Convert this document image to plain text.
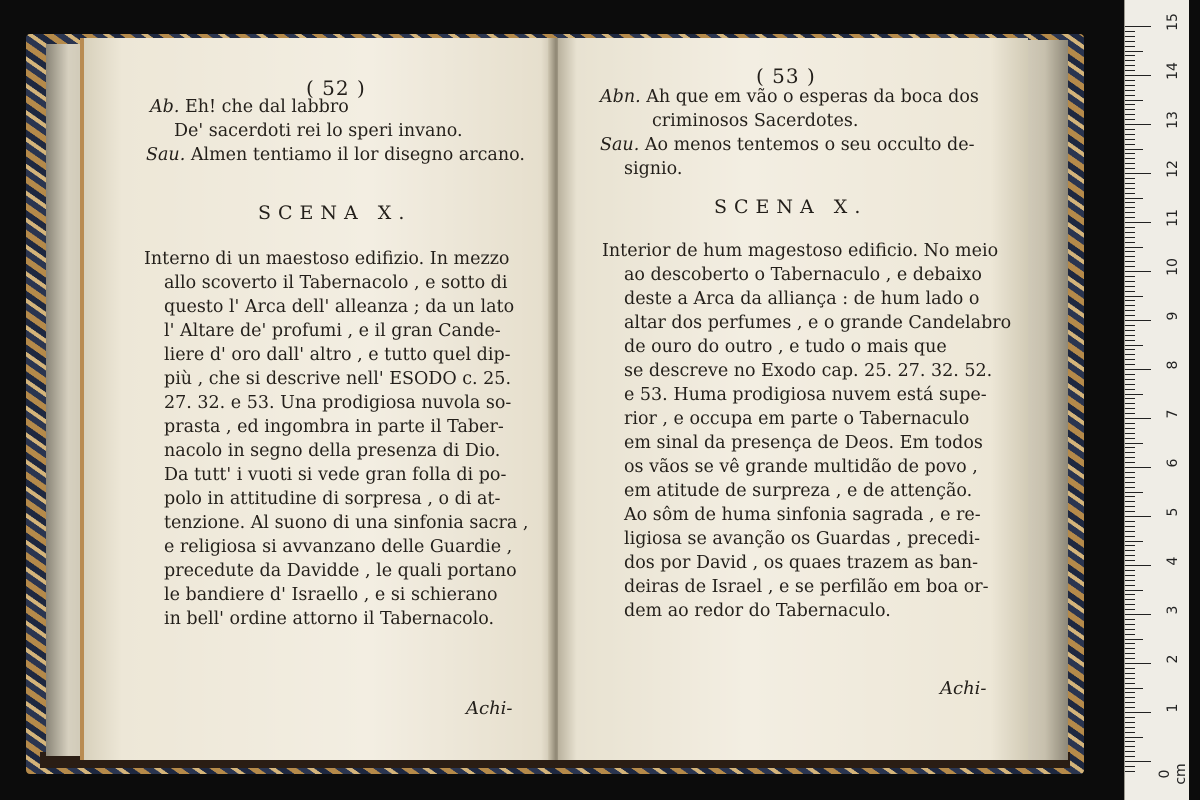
( 52 )
Ab. Eh! che dal labbro
De' sacerdoti rei lo speri invano.
Sau. Almen tentiamo il lor disegno arcano.
SCENA X.
Interno di un maestoso edifizio. In mezzo
allo scoverto il Tabernacolo , e sotto di
questo l' Arca dell' alleanza ; da un lato
l' Altare de' profumi , e il gran Cande-
liere d' oro dall' altro , e tutto quel dip-
più , che si descrive nell' ESODO c. 25.
27. 32. e 53. Una prodigiosa nuvola so-
prasta , ed ingombra in parte il Taber-
nacolo in segno della presenza di Dio.
Da tutt' i vuoti si vede gran folla di po-
polo in attitudine di sorpresa , o di at-
tenzione. Al suono di una sinfonia sacra ,
e religiosa si avvanzano delle Guardie ,
precedute da Davidde , le quali portano
le bandiere d' Israello , e si schierano
in bell' ordine attorno il Tabernacolo.
Achi-
( 53 )
Abn. Ah que em vão o esperas da boca dos
criminosos Sacerdotes.
Sau. Ao menos tentemos o seu occulto de-
signio.
SCENA X.
Interior de hum magestoso edificio. No meio
ao descoberto o Tabernaculo , e debaixo
deste a Arca da alliança : de hum lado o
altar dos perfumes , e o grande Candelabro
de ouro do outro , e tudo o mais que
se descreve no Exodo cap. 25. 27. 32. 52.
e 53. Huma prodigiosa nuvem está supe-
rior , e occupa em parte o Tabernaculo
em sinal da presença de Deos. Em todos
os vãos se vê grande multidão de povo ,
em atitude de surpreza , e de attenção.
Ao sôm de huma sinfonia sagrada , e re-
ligiosa se avanção os Guardas , precedi-
dos por David , os quaes trazem as ban-
deiras de Israel , e se perfilão em boa or-
dem ao redor do Tabernaculo.
Achi-
15
14
13
12
11
10
9
8
7
6
5
4
3
2
1
0 cm
